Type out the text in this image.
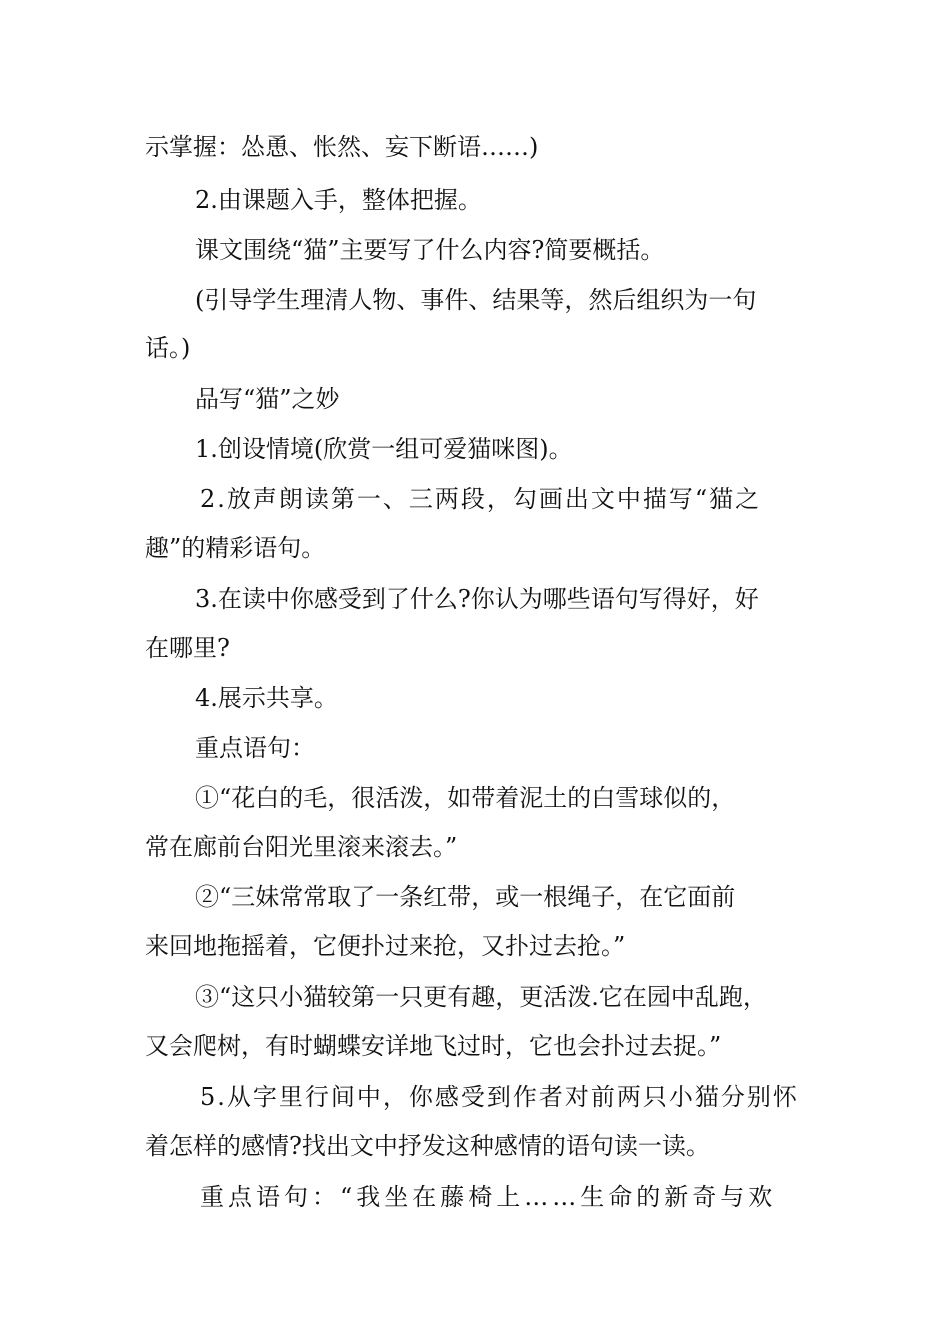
示掌握：怂恿、怅然、妄下断语……)
2.由课题入手，整体把握。
课文围绕“猫”主要写了什么内容?简要概括。
(引导学生理清人物、事件、结果等，然后组织为一句
话。)
品写“猫”之妙
1.创设情境(欣赏一组可爱猫咪图)。
2.放声朗读第一、三两段，勾画出文中描写“猫之
趣”的精彩语句。
3.在读中你感受到了什么?你认为哪些语句写得好，好
在哪里?
4.展示共享。
重点语句：
①“花白的毛，很活泼，如带着泥土的白雪球似的，
常在廊前台阳光里滚来滚去。”
②“三妹常常取了一条红带，或一根绳子，在它面前
来回地拖摇着，它便扑过来抢，又扑过去抢。”
③“这只小猫较第一只更有趣，更活泼.它在园中乱跑，
又会爬树，有时蝴蝶安详地飞过时，它也会扑过去捉。”
5.从字里行间中，你感受到作者对前两只小猫分别怀
着怎样的感情?找出文中抒发这种感情的语句读一读。
重点语句：“我坐在藤椅上……生命的新奇与欢
